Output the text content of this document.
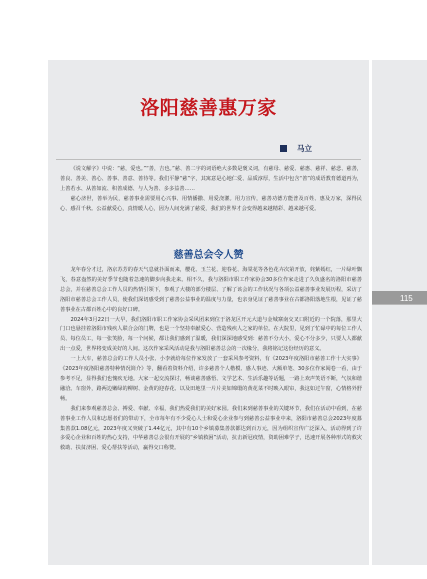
115
洛阳慈善惠万家
马立

《说文解字》中说：“慈，爱也。”“善，吉也。”慈、善二字的词语绝大多数是褒义词，有慈母、慈爱、慈惠、慈祥、慈悲、慈善，善良、善美、善心、善事、善意、善待等。我们平静“慈”字，其寓意是心地仁爱、品质淳厚，生活中包含“善”的成语教育德道再为，上善若水、从善如流、积善成德、与人为善、多多益善……

慈心济世，善举为民，慈善事业需要用心兴事、用情播撒、用爱浇灌。用力宣传，慈善功德方能普及百姓、惠及万家，深得民心、感召千秋。公益献爱心，真情暖人心，因为人间充满了慈爱，我们的世界才会变得越来越精彩、越来越可爱。

慈善总会令人赞

龙年春分才过，洛京苏芳的春天气息就扑面而来，樱花、玉兰花、迎春花、海棠花等各色花卉次第开放，姹紫嫣红，一片绿叶飘飞，春意盎然的美好季节也随着急速的脚步向我走来。相不久，我与洛阳市职工作家协会30多位作家走进了久负盛名的洛阳市慈善总会，并在慈善总会工作人员的热情引领下，参观了大楼的部分楼层、了解了该会的工作状况与各项公益慈善事业发展历程，采访了洛阳市慈善总会工作人员，使我们深切感受到了慈善公益事业的温度与力量，也亲身见证了慈善事业在古都洛阳落地生根，见证了慈善事业在古都百姓心中的良好口碑。

2024年3月22日一大早，我们洛阳市职工作家协会采风团来到位于洛龙区开元大道与金城寨南交叉口附近的一个院落，那里大门口也悬挂着洛阳市残疾人联合会的门牌，也是一个坚持奉献爱心、营造残疾人之家的单位。在大院里，见到了忙碌中的每位工作人员、每位员工，每一张笑脸，每一个问候，都让我们感到了温暖，我们深深地感受到：慈善不分大小，爱心不分多少，只要人人都献出一点爱，世界将变成美好的人间。这次作家采风活动是我与洛阳慈善总会的一次缘分，我将铭记这份经历的意义。

一上大车，慈善总会的工作人员小张、小李就给每位作家发放了一套采风参考资料，有《2023年度洛阳市慈善工作十大实事》《2023年度洛阳慈善特种情况简介》等，翻看着资料介绍，许多慈善个人楷模、感人事迹、大额单笔、30多位作家阅卷一看，由于参考不足，显得我们也愧疚无地。大家一起交流探讨，畅谈慈善感悟、文学艺术、生活乐趣等话题，一路上欢声笑语不断，气氛和谐融洽。车窗外，路两边嫩绿的柳树、金黄的迎春花、以及田地里一片片美如锦缎的黄花菜不时映入眼帘，我这如过午窗，心情格外舒畅。

我们来参观慈善总会、搏爱、奉献、幸福，我们热爱我们的美好家园。我们来到慈善事业的关键环节，我们在活动中看到，在慈善事业工作人员和志愿者们的带动下，全市每年有不少爱心人士和爱心企业参与到慈善公益事业中来，洛阳市慈善总会2023年度募集善款1.08亿元，2023年度又突破了1.44亿元，其中有10个乡镇募集善款都达到百万元，因为组织宣传广泛深入，活动得到了许多爱心企业和百姓的热心支持，中华慈善总会很有开展的“乡镇救困”活动，抗击新冠疫情，资助困难学子，迅速开展各种形式的救灾救助、扶贫济困、爱心帮扶等活动，赢得交口称赞。
